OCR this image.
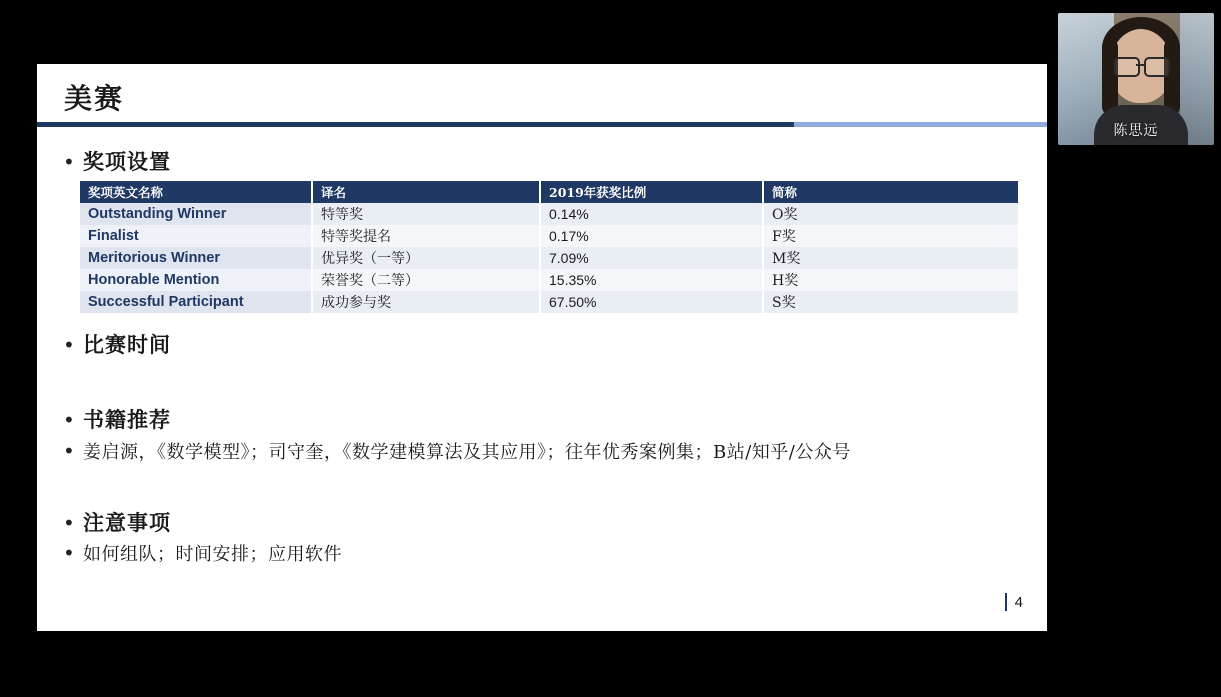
美赛
• 奖项设置
奖项英文名称	译名	2019年获奖比例	简称
Outstanding Winner	特等奖	0.14%	O奖
Finalist	特等奖提名	0.17%	F奖
Meritorious Winner	优异奖（一等）	7.09%	M奖
Honorable Mention	荣誉奖（二等）	15.35%	H奖
Successful Participant	成功参与奖	67.50%	S奖
• 比赛时间
• 书籍推荐
• 姜启源，《数学模型》；司守奎，《数学建模算法及其应用》；往年优秀案例集；B站/知乎/公众号
• 注意事项
• 如何组队；时间安排；应用软件
4
陈思远
